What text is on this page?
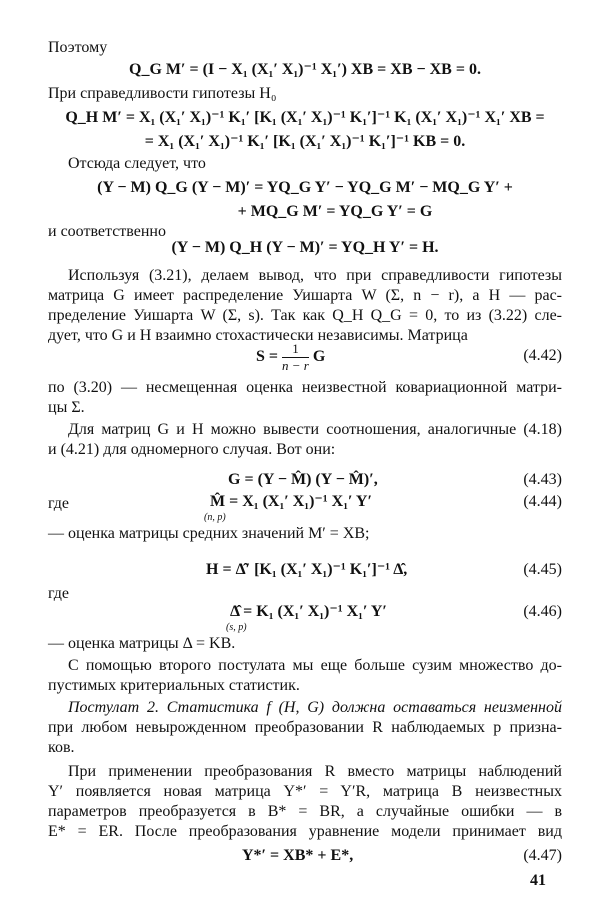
Поэтому
Q_G M′ = (I − X₁ (X₁′ X₁)⁻¹ X₁′) XB = XB − XB = 0.
При справедливости гипотезы H₀
Q_H M′ = X₁ (X₁′ X₁)⁻¹ K₁′ [K₁ (X₁′ X₁)⁻¹ K₁′]⁻¹ K₁ (X₁′ X₁)⁻¹ X₁′ XB =
= X₁ (X₁′ X₁)⁻¹ K₁′ [K₁ (X₁′ X₁)⁻¹ K₁′]⁻¹ KB = 0.
Отсюда следует, что
(Y − M) Q_G (Y − M)′ = YQ_G Y′ − YQ_G M′ − MQ_G Y′ +
+ MQ_G M′ = YQ_G Y′ = G
и соответственно
(Y − M) Q_H (Y − M)′ = YQ_H Y′ = H.
Используя (3.21), делаем вывод, что при справедливости гипотезы
матрица G имеет распределение Уишарта W (Σ, n − r), а H — рас-
пределение Уишарта W (Σ, s). Так как Q_H Q_G = 0, то из (3.22) сле-
дует, что G и H взаимно стохастически независимы. Матрица
$S = \frac{1}{n - r}$ G	(4.42)
по (3.20) — несмещенная оценка неизвестной ковариационной матри-
цы Σ.
Для матриц G и H можно вывести соотношения, аналогичные (4.18)
и (4.21) для одномерного случая. Вот они:
G = (Y − M̂) (Y − M̂)′,	(4.43)
где	M̂ = X₁ (X₁′ X₁)⁻¹ X₁′ Y′
(n, p)
(4.44)
— оценка матрицы средних значений M′ = XB;
H = Δ̂′ [K₁ (X₁′ X₁)⁻¹ K₁′]⁻¹ Δ̂,	(4.45)
где
Δ̂ = K₁ (X₁′ X₁)⁻¹ X₁′ Y′
(s, p)
(4.46)
— оценка матрицы Δ = KB.
С помощью второго постулата мы еще больше сузим множество до-
пустимых критериальных статистик.
Постулат 2. Статистика f (H, G) должна оставаться неизменной
при любом невырожденном преобразовании R наблюдаемых p призна-
ков.
При применении преобразования R вместо матрицы наблюдений
Y′ появляется новая матрица Y*′ = Y′R, матрица B неизвестных
параметров преобразуется в B* = BR, а случайные ошибки — в
E* = ER. После преобразования уравнение модели принимает вид
Y*′ = XB* + E*,	(4.47)
41
